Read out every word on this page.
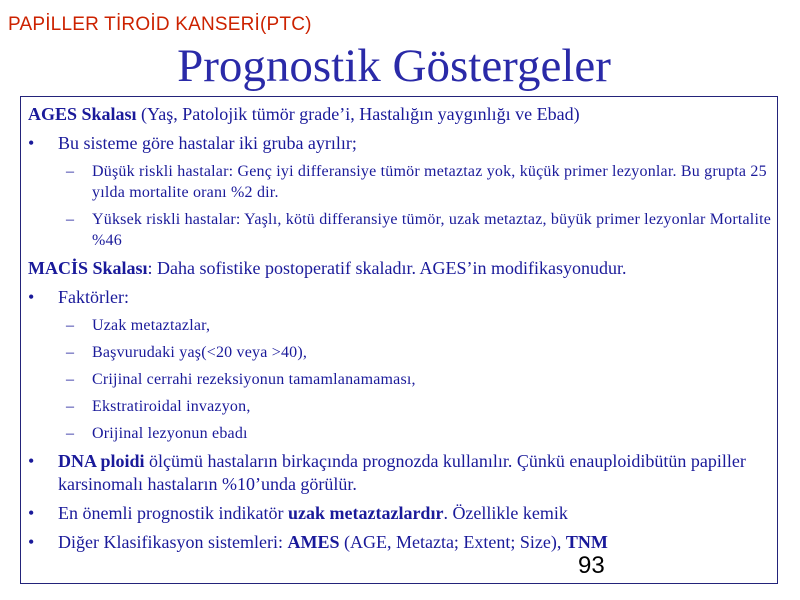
PAPİLLER TİROİD KANSERİ(PTC)
Prognostik Göstergeler
AGES Skalası (Yaş, Patolojik tümör grade’i, Hastalığın yaygınlığı ve Ebad)
• Bu sisteme göre hastalar iki gruba ayrılır;
– Düşük riskli hastalar: Genç iyi differansiye tümör metaztaz yok, küçük primer lezyonlar. Bu grupta 25 yılda mortalite oranı %2 dir.
– Yüksek riskli hastalar: Yaşlı, kötü differansiye tümör, uzak metaztaz, büyük primer lezyonlar Mortalite %46
MACİS Skalası: Daha sofistike postoperatif skaladır. AGES’in modifikasyonudur.
• Faktörler:
– Uzak metaztazlar,
– Başvurudaki yaş(<20 veya >40),
– Crijinal cerrahi rezeksiyonun tamamlanamaması,
– Ekstratiroidal invazyon,
– Orijinal lezyonun ebadı
• DNA ploidi ölçümü hastaların birkaçında prognozda kullanılır. Çünkü enauploidibütün papiller karsinomalı hastaların %10’unda görülür.
• En önemli prognostik indikatör uzak metaztazlardır. Özellikle kemik
• Diğer Klasifikasyon sistemleri: AMES (AGE, Metazta; Extent; Size), TNM
93
